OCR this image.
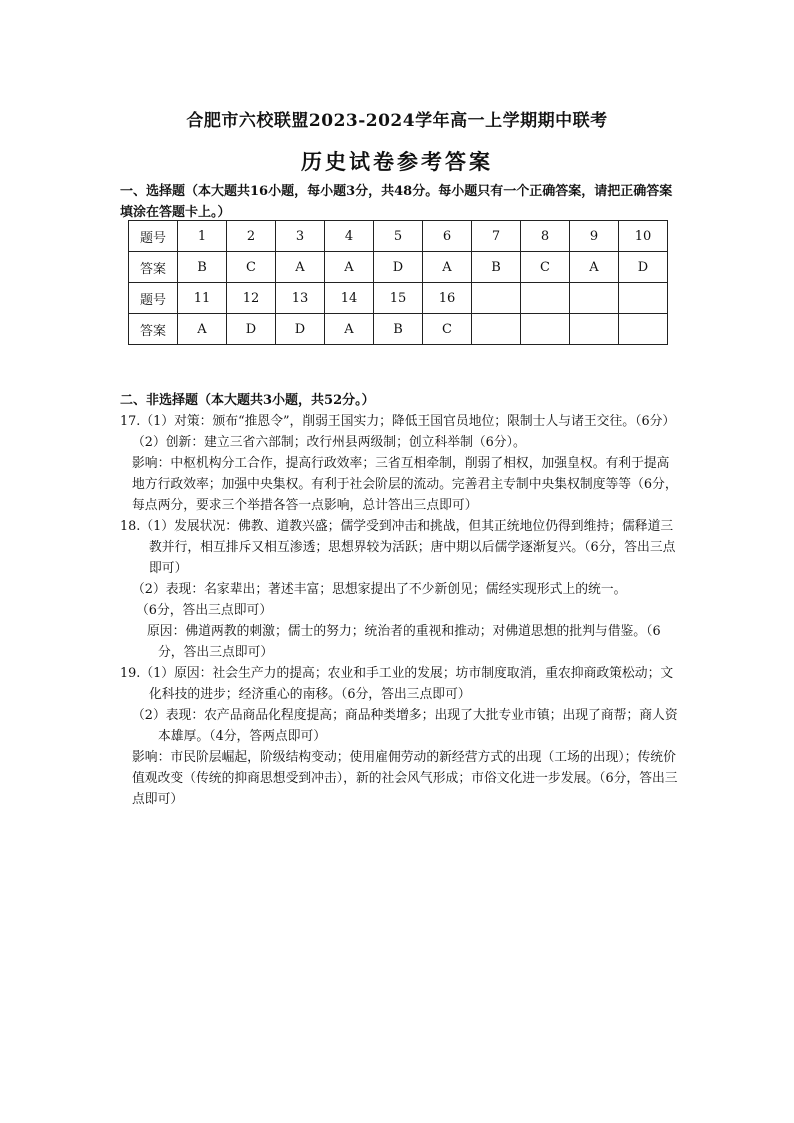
合肥市六校联盟2023-2024学年高一上学期期中联考
历史试卷参考答案
一、选择题（本大题共16小题，每小题3分，共48分。每小题只有一个正确答案，请把正确答案填涂在答题卡上。）
题号	1	2	3	4	5	6	7	8	9	10
答案	B	C	A	A	D	A	B	C	A	D
题号	11	12	13	14	15	16				
答案	A	D	D	A	B	C				
二、非选择题（本大题共3小题，共52分。）

17.（1）对策：颁布“推恩令”，削弱王国实力；降低王国官员地位；限制士人与诸王交往。（6分）

（2）创新：建立三省六部制；改行州县两级制；创立科举制（6分）。

影响：中枢机构分工合作，提高行政效率；三省互相牵制，削弱了相权，加强皇权。有利于提高地方行政效率；加强中央集权。有利于社会阶层的流动。完善君主专制中央集权制度等等（6分，每点两分，要求三个举措各答一点影响，总计答出三点即可）

18.（1）发展状况：佛教、道教兴盛；儒学受到冲击和挑战，但其正统地位仍得到维持；儒释道三教并行，相互排斥又相互渗透；思想界较为活跃；唐中期以后儒学逐渐复兴。（6分，答出三点即可）

（2）表现：名家辈出；著述丰富；思想家提出了不少新创见；儒经实现形式上的统一。

（6分，答出三点即可）

原因：佛道两教的刺激；儒士的努力；统治者的重视和推动；对佛道思想的批判与借鉴。（6分，答出三点即可）

19.（1）原因：社会生产力的提高；农业和手工业的发展；坊市制度取消，重农抑商政策松动；文化科技的进步；经济重心的南移。（6分，答出三点即可）

（2）表现：农产品商品化程度提高；商品种类增多；出现了大批专业市镇；出现了商帮；商人资本雄厚。（4分，答两点即可）

影响：市民阶层崛起，阶级结构变动；使用雇佣劳动的新经营方式的出现（工场的出现）；传统价值观改变（传统的抑商思想受到冲击），新的社会风气形成；市俗文化进一步发展。（6分，答出三点即可）
